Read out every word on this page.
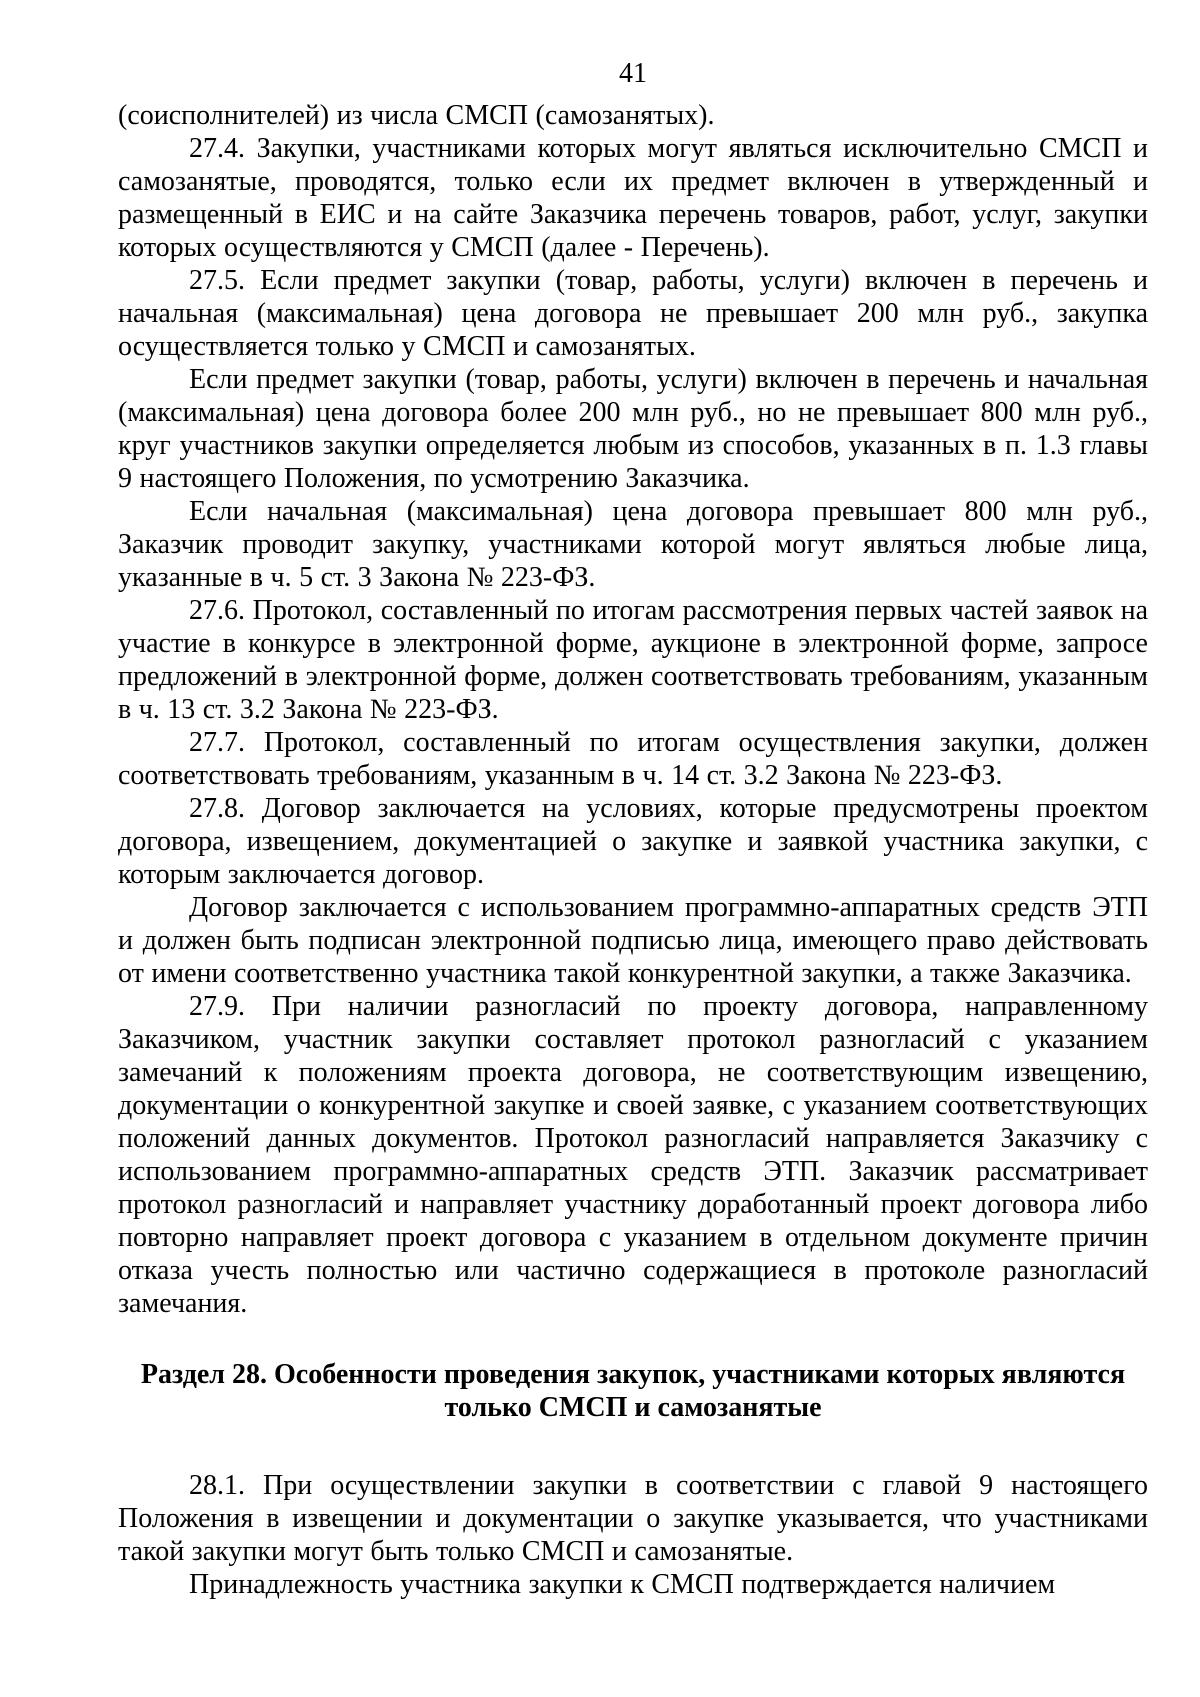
41

(соисполнителей) из числа СМСП (самозанятых).

27.4. Закупки, участниками которых могут являться исключительно СМСП и самозанятые, проводятся, только если их предмет включен в утвержденный и размещенный в ЕИС и на сайте Заказчика перечень товаров, работ, услуг, закупки которых осуществляются у СМСП (далее - Перечень).

27.5. Если предмет закупки (товар, работы, услуги) включен в перечень и начальная (максимальная) цена договора не превышает 200 млн руб., закупка осуществляется только у СМСП и самозанятых.

Если предмет закупки (товар, работы, услуги) включен в перечень и начальная (максимальная) цена договора более 200 млн руб., но не превышает 800 млн руб., круг участников закупки определяется любым из способов, указанных в п. 1.3 главы 9 настоящего Положения, по усмотрению Заказчика.

Если начальная (максимальная) цена договора превышает 800 млн руб., Заказчик проводит закупку, участниками которой могут являться любые лица, указанные в ч. 5 ст. 3 Закона № 223-ФЗ.

27.6. Протокол, составленный по итогам рассмотрения первых частей заявок на участие в конкурсе в электронной форме, аукционе в электронной форме, запросе предложений в электронной форме, должен соответствовать требованиям, указанным в ч. 13 ст. 3.2 Закона № 223-ФЗ.

27.7. Протокол, составленный по итогам осуществления закупки, должен соответствовать требованиям, указанным в ч. 14 ст. 3.2 Закона № 223-ФЗ.

27.8. Договор заключается на условиях, которые предусмотрены проектом договора, извещением, документацией о закупке и заявкой участника закупки, с которым заключается договор.

Договор заключается с использованием программно-аппаратных средств ЭТП и должен быть подписан электронной подписью лица, имеющего право действовать от имени соответственно участника такой конкурентной закупки, а также Заказчика.

27.9. При наличии разногласий по проекту договора, направленному Заказчиком, участник закупки составляет протокол разногласий с указанием замечаний к положениям проекта договора, не соответствующим извещению, документации о конкурентной закупке и своей заявке, с указанием соответствующих положений данных документов. Протокол разногласий направляется Заказчику с использованием программно-аппаратных средств ЭТП. Заказчик рассматривает протокол разногласий и направляет участнику доработанный проект договора либо повторно направляет проект договора с указанием в отдельном документе причин отказа учесть полностью или частично содержащиеся в протоколе разногласий замечания.

Раздел 28. Особенности проведения закупок, участниками которых являются
только СМСП и самозанятые

28.1. При осуществлении закупки в соответствии с главой 9 настоящего Положения в извещении и документации о закупке указывается, что участниками такой закупки могут быть только СМСП и самозанятые.

Принадлежность участника закупки к СМСП подтверждается наличием
